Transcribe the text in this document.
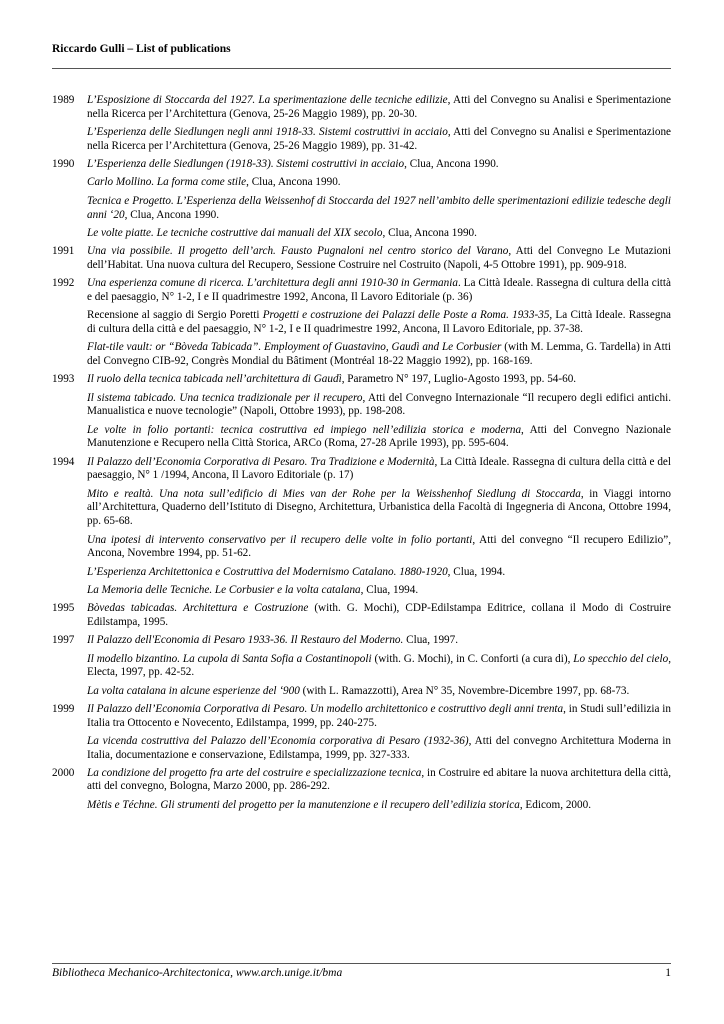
Riccardo Gulli – List of publications
1989	L’Esposizione di Stoccarda del 1927. La sperimentazione delle tecniche edilizie, Atti del Convegno su Analisi e Sperimentazione nella Ricerca per l’Architettura (Genova, 25-26 Maggio 1989), pp. 20-30.

L’Esperienza delle Siedlungen negli anni 1918-33. Sistemi costruttivi in acciaio, Atti del Convegno su Analisi e Sperimentazione nella Ricerca per l’Architettura (Genova, 25-26 Maggio 1989), pp. 31-42.

1990	L’Esperienza delle Siedlungen (1918-33). Sistemi costruttivi in acciaio, Clua, Ancona 1990.

Carlo Mollino. La forma come stile, Clua, Ancona 1990.

Tecnica e Progetto. L’Esperienza della Weissenhof di Stoccarda del 1927 nell’ambito delle sperimentazioni edilizie tedesche degli anni ‘20, Clua, Ancona 1990.

Le volte piatte. Le tecniche costruttive dai manuali del XIX secolo, Clua, Ancona 1990.

1991	Una via possibile. Il progetto dell’arch. Fausto Pugnaloni nel centro storico del Varano, Atti del Convegno Le Mutazioni dell’Habitat. Una nuova cultura del Recupero, Sessione Costruire nel Costruito (Napoli, 4-5 Ottobre 1991), pp. 909-918.

1992	Una esperienza comune di ricerca. L’architettura degli anni 1910-30 in Germania. La Città Ideale. Rassegna di cultura della città e del paesaggio, N° 1-2, I e II quadrimestre 1992, Ancona, Il Lavoro Editoriale (p. 36)

Recensione al saggio di Sergio Poretti Progetti e costruzione dei Palazzi delle Poste a Roma. 1933-35, La Città Ideale. Rassegna di cultura della città e del paesaggio, N° 1-2, I e II quadrimestre 1992, Ancona, Il Lavoro Editoriale, pp. 37-38.

Flat-tile vault: or “Bòveda Tabicada”. Employment of Guastavino, Gaudì and Le Corbusier (with M. Lemma, G. Tardella) in Atti del Convegno CIB-92, Congrès Mondial du Bâtiment (Montréal 18-22 Maggio 1992), pp. 168-169.

1993	Il ruolo della tecnica tabicada nell’architettura di Gaudì, Parametro N° 197, Luglio-Agosto 1993, pp. 54-60.

Il sistema tabicado. Una tecnica tradizionale per il recupero, Atti del Convegno Internazionale “Il recupero degli edifici antichi. Manualistica e nuove tecnologie” (Napoli, Ottobre 1993), pp. 198-208.

Le volte in folio portanti: tecnica costruttiva ed impiego nell’edilizia storica e moderna, Atti del Convegno Nazionale Manutenzione e Recupero nella Città Storica, ARCo (Roma, 27-28 Aprile 1993), pp. 595-604.

1994	Il Palazzo dell’Economia Corporativa di Pesaro. Tra Tradizione e Modernità, La Città Ideale. Rassegna di cultura della città e del paesaggio, N° 1 /1994, Ancona, Il Lavoro Editoriale (p. 17)

Mito e realtà. Una nota sull’edificio di Mies van der Rohe per la Weisshenhof Siedlung di Stoccarda, in Viaggi intorno all’Architettura, Quaderno dell’Istituto di Disegno, Architettura, Urbanistica della Facoltà di Ingegneria di Ancona, Ottobre 1994, pp. 65-68.

Una ipotesi di intervento conservativo per il recupero delle volte in folio portanti, Atti del convegno “Il recupero Edilizio”, Ancona, Novembre 1994, pp. 51-62.

L’Esperienza Architettonica e Costruttiva del Modernismo Catalano. 1880-1920, Clua, 1994.

La Memoria delle Tecniche. Le Corbusier e la volta catalana, Clua, 1994.

1995	Bòvedas tabicadas. Architettura e Costruzione (with. G. Mochi), CDP-Edilstampa Editrice, collana il Modo di Costruire Edilstampa, 1995.

1997	Il Palazzo dell'Economia di Pesaro 1933-36. Il Restauro del Moderno. Clua, 1997.

Il modello bizantino. La cupola di Santa Sofia a Costantinopoli (with. G. Mochi), in C. Conforti (a cura di), Lo specchio del cielo, Electa, 1997, pp. 42-52.

La volta catalana in alcune esperienze del ‘900 (with L. Ramazzotti), Area N° 35, Novembre-Dicembre 1997, pp. 68-73.

1999	Il Palazzo dell’Economia Corporativa di Pesaro. Un modello architettonico e costruttivo degli anni trenta, in Studi sull’edilizia in Italia tra Ottocento e Novecento, Edilstampa, 1999, pp. 240-275.

La vicenda costruttiva del Palazzo dell’Economia corporativa di Pesaro (1932-36), Atti del convegno Architettura Moderna in Italia, documentazione e conservazione, Edilstampa, 1999, pp. 327-333.

2000	La condizione del progetto fra arte del costruire e specializzazione tecnica, in Costruire ed abitare la nuova architettura della città, atti del convegno, Bologna, Marzo 2000, pp. 286-292.

Mètis e Téchne. Gli strumenti del progetto per la manutenzione e il recupero dell’edilizia storica, Edicom, 2000.

Bibliotheca Mechanico-Architectonica, www.arch.unige.it/bma	1
